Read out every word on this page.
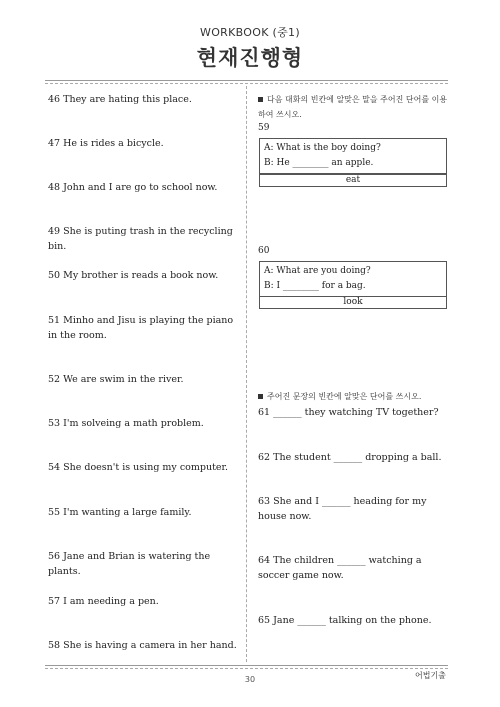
WORKBOOK (중1)
현재진행형
46 They are hating this place.
47 He is rides a bicycle.
48 John and I are go to school now.
49 She is puting trash in the recycling bin.
50 My brother is reads a book now.
51 Minho and Jisu is playing the piano in the room.
52 We are swim in the river.
53 I'm solveing a math problem.
54 She doesn't is using my computer.
55 I'm wanting a large family.
56 Jane and Brian is watering the plants.
57 I am needing a pen.
58 She is having a camera in her hand.
다음 대화의 빈칸에 알맞은 말을 주어진 단어를 이용하여 쓰시오.
59
A: What is the boy doing?
B: He ________ an apple.
eat
60
A: What are you doing?
B: I ________ for a bag.
look
주어진 문장의 빈칸에 알맞은 단어를 쓰시오.
61 ______ they watching TV together?
62 The student ______ dropping a ball.
63 She and I ______ heading for my house now.
64 The children ______ watching a soccer game now.
65 Jane ______ talking on the phone.
어법기출
30
